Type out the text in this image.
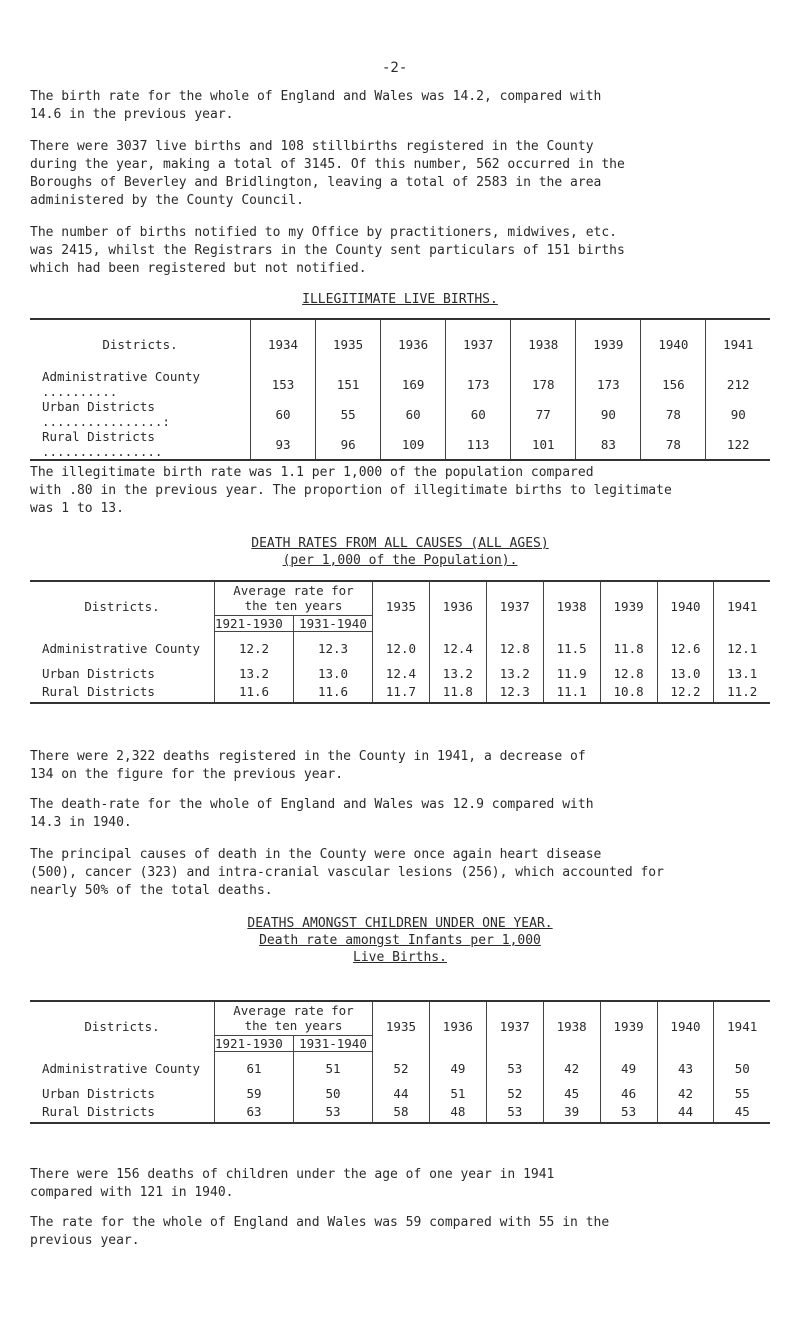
-2-
The birth rate for the whole of England and Wales was 14.2, compared with
14.6 in the previous year.
There were 3037 live births and 108 stillbirths registered in the County
during the year, making a total of 3145. Of this number, 562 occurred in the
Boroughs of Beverley and Bridlington, leaving a total of 2583 in the area
administered by the County Council.
The number of births notified to my Office by practitioners, midwives, etc.
was 2415, whilst the Registrars in the County sent particulars of 151 births
which had been registered but not notified.
ILLEGITIMATE LIVE BIRTHS.
Districts.	1934	1935	1936	1937	1938	1939	1940	1941
Administrative County ..........	153	151	169	173	178	173	156	212
Urban Districts ................:	60	55	60	60	77	90	78	90
Rural Districts ................	93	96	109	113	101	83	78	122
The illegitimate birth rate was 1.1 per 1,000 of the population compared
with .80 in the previous year. The proportion of illegitimate births to legitimate
was 1 to 13.
DEATH RATES FROM ALL CAUSES (ALL AGES)
(per 1,000 of the Population).
Districts.	Average rate for
the ten years		1935	1936	1937	1938	1939	1940	1941
	1921-1930	1931-1940							
Administrative County	12.2	12.3	12.0	12.4	12.8	11.5	11.8	12.6	12.1
Urban Districts	13.2	13.0	12.4	13.2	13.2	11.9	12.8	13.0	13.1
Rural Districts	11.6	11.6	11.7	11.8	12.3	11.1	10.8	12.2	11.2
There were 2,322 deaths registered in the County in 1941, a decrease of
134 on the figure for the previous year.
The death-rate for the whole of England and Wales was 12.9 compared with
14.3 in 1940.
The principal causes of death in the County were once again heart disease
(500), cancer (323) and intra-cranial vascular lesions (256), which accounted for
nearly 50% of the total deaths.
DEATHS AMONGST CHILDREN UNDER ONE YEAR.
Death rate amongst Infants per 1,000
Live Births.
Districts.	Average rate for
the ten years		1935	1936	1937	1938	1939	1940	1941
	1921-1930	1931-1940							
Administrative County	61	51	52	49	53	42	49	43	50
Urban Districts	59	50	44	51	52	45	46	42	55
Rural Districts	63	53	58	48	53	39	53	44	45
There were 156 deaths of children under the age of one year in 1941
compared with 121 in 1940.
The rate for the whole of England and Wales was 59 compared with 55 in the
previous year.
